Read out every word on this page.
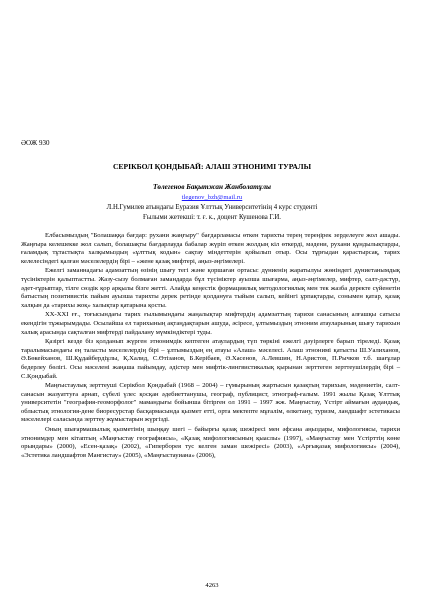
ӘОЖ 930
СЕРІКБОЛ ҚОНДЫБАЙ: АЛАШ ЭТНОНИМІ ТУРАЛЫ
Төлегенов Бақытжан Жанболатұлы
tlegenov_bzh@mail.ru
Л.Н.Гумилев атындағы Еуразия Ұлттық Университетінің 4 курс студенті
Ғылыми жетекші: т. ғ. к., доцент Кушенова Г.И.

Елбасымыздың "Болашаққа бағдар: рухани жаңғыру" бағдарламасы өткен тарихты терең тереңірек зерделеуге жол ашады. Жаңғыра келешекке жол салып, болашақты бағдарлауда бабалар жүріп өткен жолдың кіл өткерді, мәдени, рухани құндылықтарды, ғаламдық тұтастықта халқымыздың «ұлттық кодын» сақтау міндеттерін қойылып отыр. Осы тұрғыдан қарастырсақ, тарих келелесіндегі қалған мәселелердің бірі – «жене қазақ мифтері, аңыз-әңгімелері.

Ежелгі заманнадағы адамзаттың өзінің шығу тегі және қоршаған ортасы: дүниенің жаратылуы жөніндегі дүниетанымдық түсініктерін қалыптастты. Жазу-сызу болмаған замандарда бұл түсініктер ауызша шығарма, аңыз-әңгімелер, мифтер, салт-дәстүр, әдет-ғұрыптар, тілге сөздік қор арқылы бізге жетті. Алайда кеңестік формациялық методологиялық мен тек жазба деректе сүйенетін батыстың позитивистік пайым ауызша тарихты дерек ретінде қолдануға тыйым салып, кейінгі ұрпақтарды, сонымен қатар, қазақ халқын да «тарихы жоқ» халықтар қатарына қосты.

ХХ-ХХІ ғғ., тоғысындағы тарих ғылымындағы жаңалықтар мифтердің адамзаттың тарихи санасының алғашқы сатысы екендігін тұжырымдады. Осылайша ел тарихының ақтаңдақтарын ашуда, әсіресе, ұлтымыздың этноним атауларының шығу тарихын халық арасында сақталған мифтерді пайдалану мүмкіндіктері туды.

Қазіргі кезде біз қолданып жүрген этнонимдік кептеген атаулардың түп төркіні ежелгі дәуірлерге барып тіреледі. Қазақ таралымасындағы ең таласты мәселелердің бірі – ұлтымыздың ең атауы «Алаш» мәселесі. Алаш этнонимі қатысты Ш.Уалиханов, Ә.Бөкейханов, Ш.Құдайбердіұлы, Қ.Халид, С.Өтізанов, Б.Керібаев, Ә.Хасенов, А.Левшин, Н.Аристов, П.Рычков т.б. шағұлар бедерлеу бөлігі. Осы мәселені жаңаша пайымдау, әдістер мен мифтік-лингвистикалық қырынан зерттеген зерттеушілердің бірі – С.Қондыбай.

Маңғыстаулық зерттеуші Серікбол Қондыбай (1968 – 2004) – гүмырының жартысын қазақтың тарихын, мәдениетін, салт-санасын жазуаттуға арнап, сүбелі үлес қосқан әдебиеттанушы, географ, публицист, этнограф-ғалым. 1991 жылы Қазақ Ұлттық университетін "география-геоморфолог" мамандығы бойынша бітірген ол 1991 – 1997 жж. Маңғыстау, Үстірт аймағын аудандық, облыстық этнология-дене биоресурстар басқармасында қызмет етті, орта мектепте мұғалім, өлкетану, туризм, ландшафт эстетикасы мәселелері саласында зерттеу жұмыстарын жүргізді.

Оның шығармашылық қызметінің шыңқау шегі – байырғы қазақ шежіресі мен әфсана аңыздары, мифологиясы, тарихи этнонимдер мен кітаптың «Маңғыстау географиясы», «Қазақ мифологиясының қыаслы» (1997), «Маңғыстау мен Үстірттің көне орындары» (2000), «Есен-қазақ» (2002), «Гиперборея тус келген заман шежіресі» (2003), «Арғықазақ мифологиясы» (2004), «Эстетика ландшафтов Мангистау» (2005), «Маңғыстауиана» (2006),

4263
